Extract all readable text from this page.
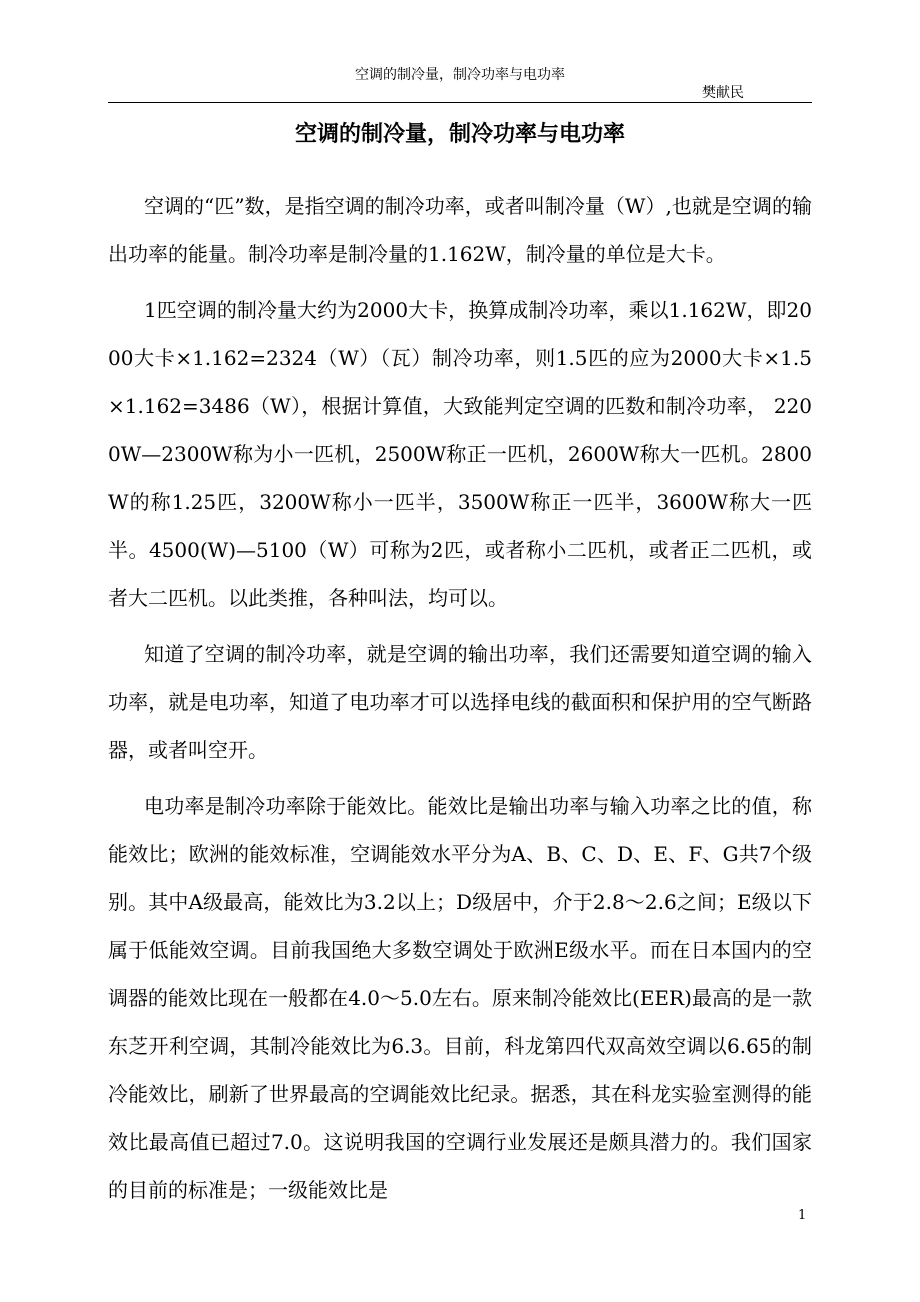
空调的制冷量，制冷功率与电功率
樊献民
空调的制冷量，制冷功率与电功率

空调的“匹”数，是指空调的制冷功率，或者叫制冷量（W）,也就是空调的输出功率的能量。制冷功率是制冷量的1.162W，制冷量的单位是大卡。

1匹空调的制冷量大约为2000大卡，换算成制冷功率，乘以1.162W，即2000大卡×1.162=2324（W）（瓦）制冷功率，则1.5匹的应为2000大卡×1.5×1.162=3486（W），根据计算值，大致能判定空调的匹数和制冷功率， 2200W—2300W称为小一匹机，2500W称正一匹机，2600W称大一匹机。2800W的称1.25匹，3200W称小一匹半，3500W称正一匹半，3600W称大一匹半。4500(W)—5100（W）可称为2匹，或者称小二匹机，或者正二匹机，或者大二匹机。以此类推，各种叫法，均可以。

知道了空调的制冷功率，就是空调的输出功率，我们还需要知道空调的输入功率，就是电功率，知道了电功率才可以选择电线的截面积和保护用的空气断路器，或者叫空开。

电功率是制冷功率除于能效比。能效比是输出功率与输入功率之比的值，称能效比；欧洲的能效标准，空调能效水平分为A、B、C、D、E、F、G共7个级别。其中A级最高，能效比为3.2以上；D级居中，介于2.8～2.6之间；E级以下属于低能效空调。目前我国绝大多数空调处于欧洲E级水平。而在日本国内的空调器的能效比现在一般都在4.0～5.0左右。原来制冷能效比(EER)最高的是一款东芝开利空调，其制冷能效比为6.3。目前，科龙第四代双高效空调以6.65的制冷能效比，刷新了世界最高的空调能效比纪录。据悉，其在科龙实验室测得的能效比最高值已超过7.0。这说明我国的空调行业发展还是颇具潜力的。我们国家的目前的标准是；一级能效比是

1
